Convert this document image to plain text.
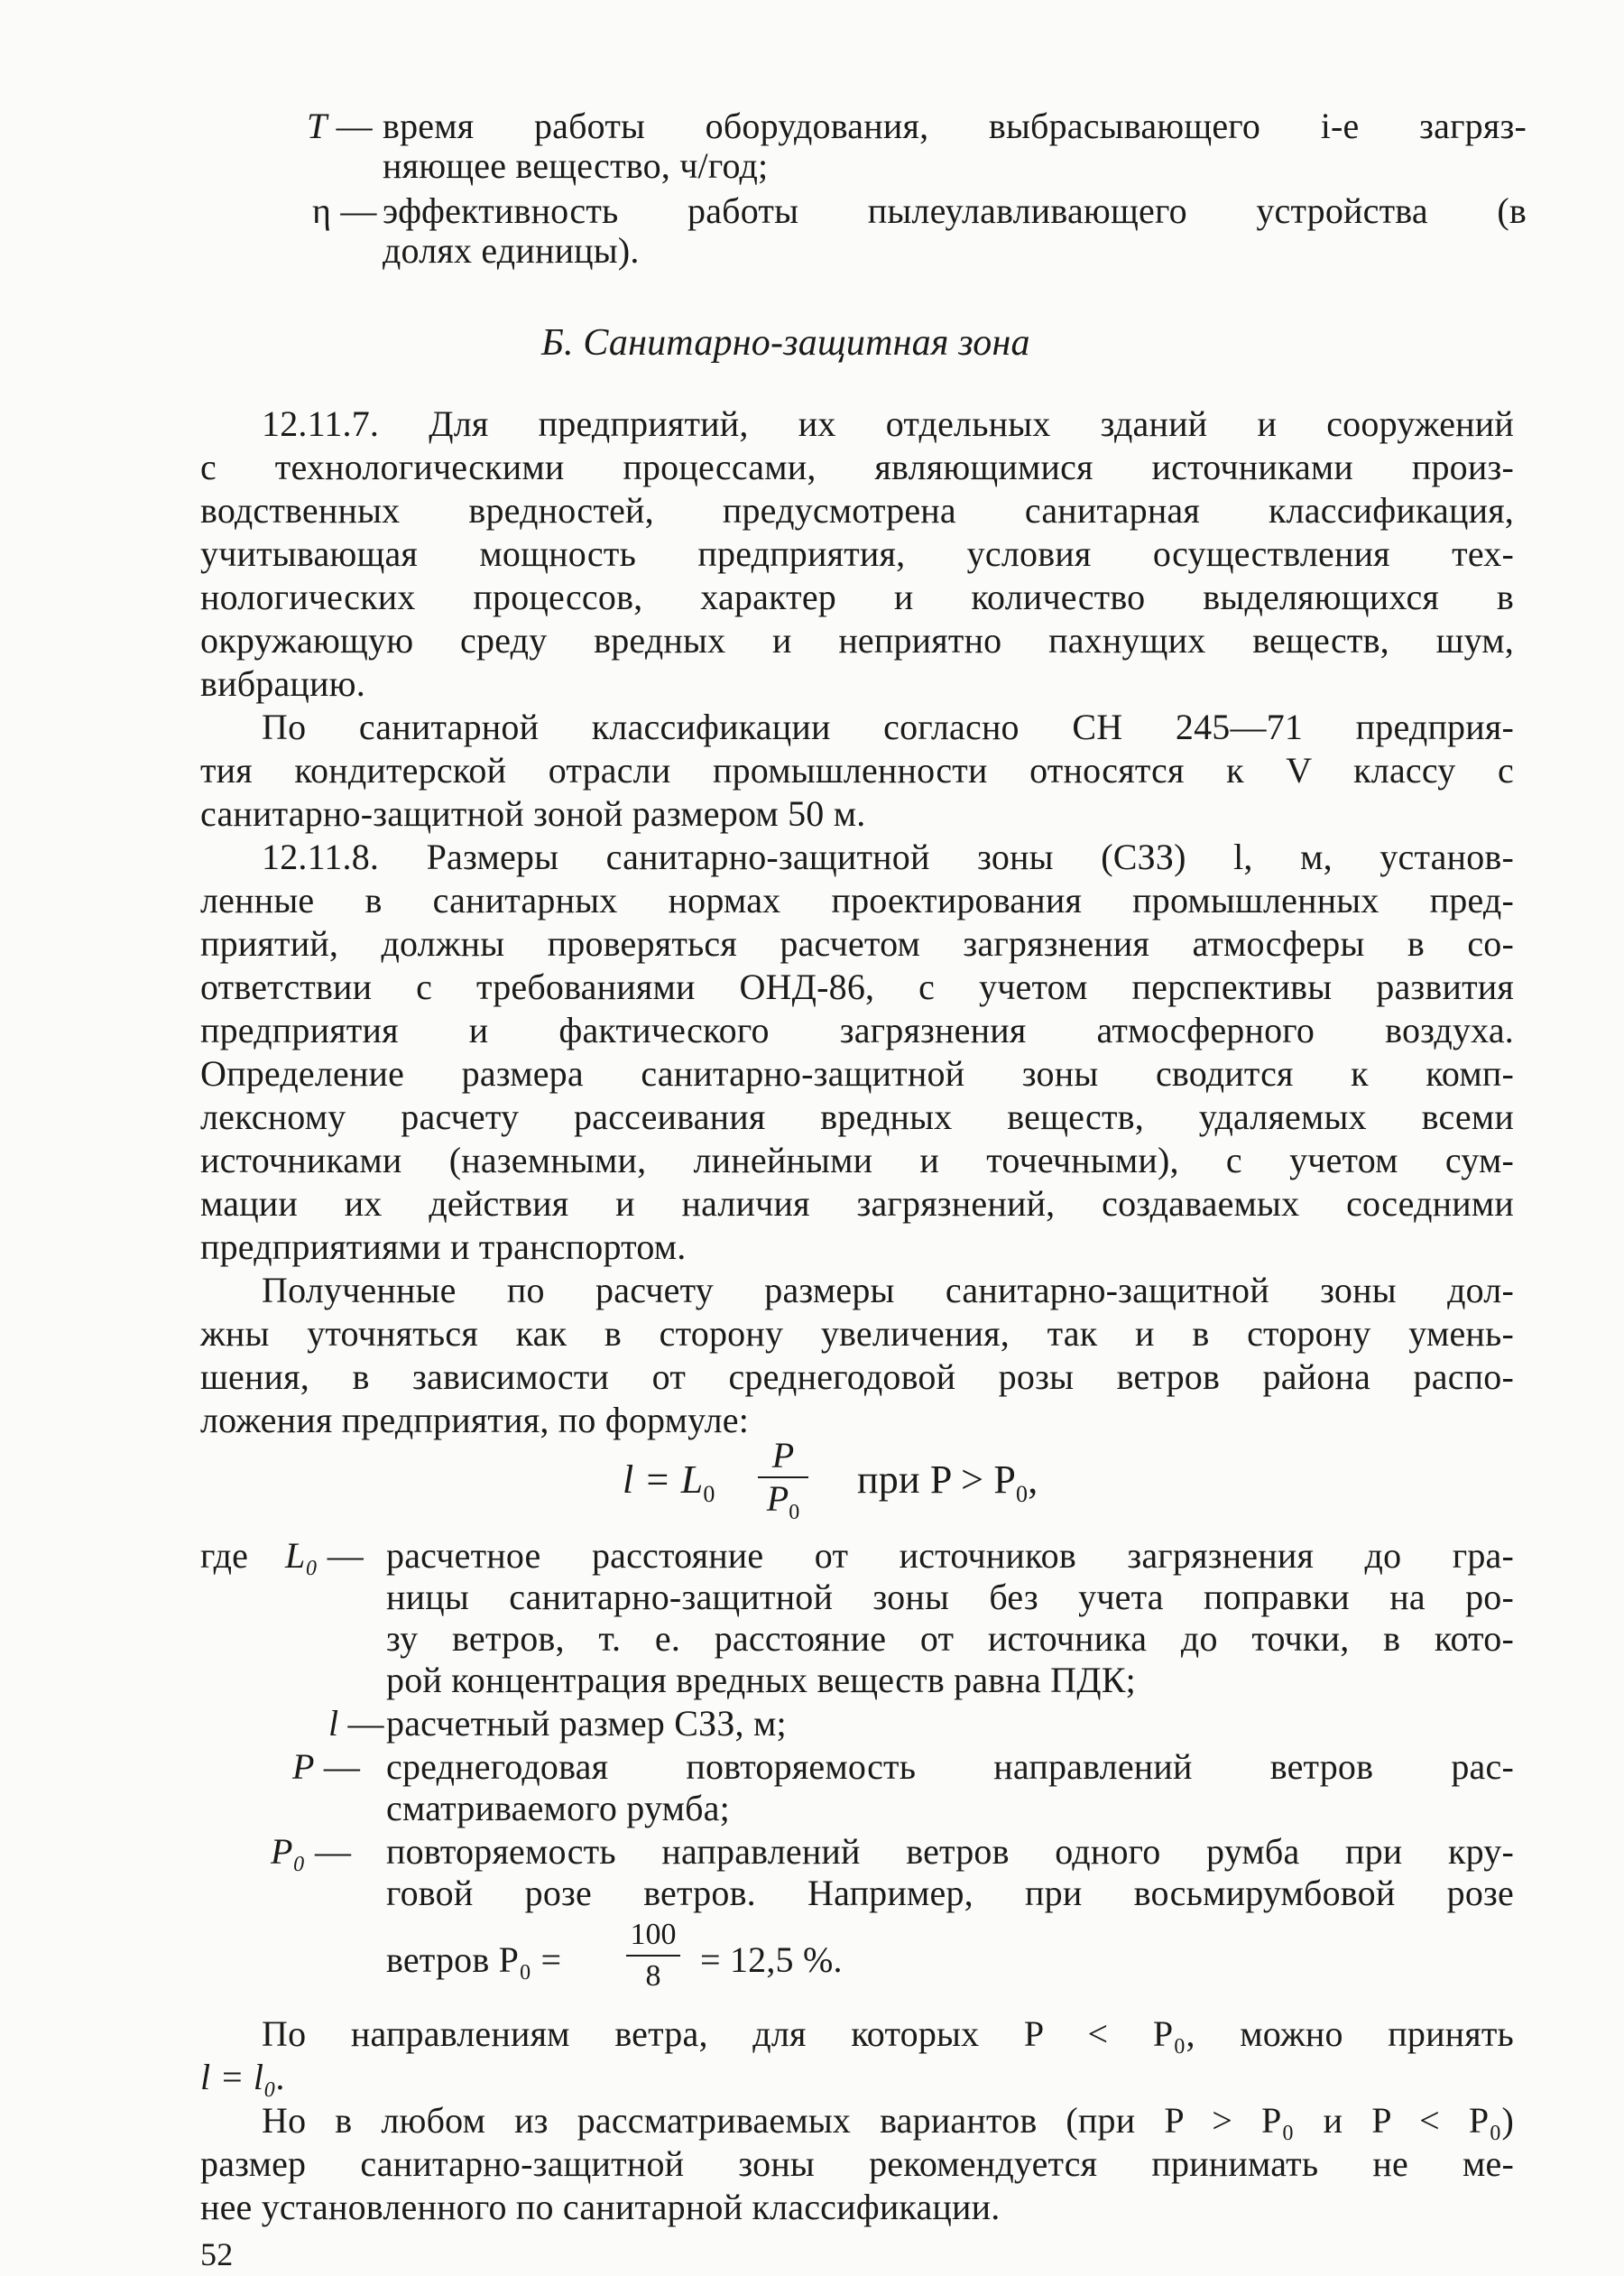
T — время работы оборудования, выбрасывающего i-е загряз-
няющее вещество, ч/год;
η — эффективность работы пылеулавливающего устройства (в
долях единицы).
Б. Санитарно-защитная зона
12.11.7. Для предприятий, их отдельных зданий и сооружений
с технологическими процессами, являющимися источниками произ-
водственных вредностей, предусмотрена санитарная классификация,
учитывающая мощность предприятия, условия осуществления тех-
нологических процессов, характер и количество выделяющихся в
окружающую среду вредных и неприятно пахнущих веществ, шум,
вибрацию.
По санитарной классификации согласно СН 245—71 предприя-
тия кондитерской отрасли промышленности относятся к V классу с
санитарно-защитной зоной размером 50 м.
12.11.8. Размеры санитарно-защитной зоны (СЗЗ) l, м, установ-
ленные в санитарных нормах проектирования промышленных пред-
приятий, должны проверяться расчетом загрязнения атмосферы в со-
ответствии с требованиями ОНД-86, с учетом перспективы развития
предприятия и фактического загрязнения атмосферного воздуха.
Определение размера санитарно-защитной зоны сводится к комп-
лексному расчету рассеивания вредных веществ, удаляемых всеми
источниками (наземными, линейными и точечными), с учетом сум-
мации их действия и наличия загрязнений, создаваемых соседними
предприятиями и транспортом.
Полученные по расчету размеры санитарно-защитной зоны дол-
жны уточняться как в сторону увеличения, так и в сторону умень-
шения, в зависимости от среднегодовой розы ветров района распо-
ложения предприятия, по формуле:
$l = L_0$
P
$P_0$
при $P > P_0$,
где L₀ — расчетное расстояние от источников загрязнения до гра-
ницы санитарно-защитной зоны без учета поправки на ро-
зу ветров, т. е. расстояние от источника до точки, в кото-
рой концентрация вредных веществ равна ПДК;
l — расчетный размер СЗЗ, м;
P — среднегодовая повторяемость направлений ветров рас-
сматриваемого румба;
P₀ — повторяемость направлений ветров одного румба при кру-
говой розе ветров. Например, при восьмирумбовой розе
ветров P₀ =
100
8 = 12,5 %.
По направлениям ветра, для которых P < P₀, можно принять
l = l₀.
Но в любом из рассматриваемых вариантов (при P > P₀ и P < P₀)
размер санитарно-защитной зоны рекомендуется принимать не ме-
нее установленного по санитарной классификации.
52
